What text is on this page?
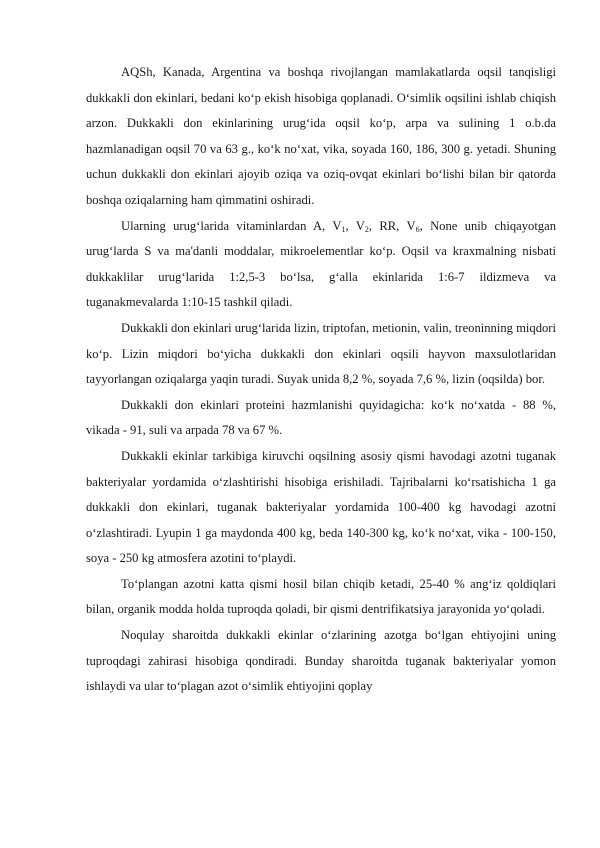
AQSh, Kanada, Argentina va boshqa rivojlangan mamlakatlarda oqsil tanqisligi dukkakli don ekinlari, bedani ko‘p ekish hisobiga qoplanadi. O‘simlik oqsilini ishlab chiqish arzon. Dukkakli don ekinlarining urug‘ida oqsil ko‘p, arpa va sulining 1 o.b.da hazmlanadigan oqsil 70 va 63 g., ko‘k no‘xat, vika, soyada 160, 186, 300 g. yetadi. Shuning uchun dukkakli don ekinlari ajoyib oziqa va oziq-ovqat ekinlari bo‘lishi bilan bir qatorda boshqa oziqalarning ham qimmatini oshiradi.

Ularning urug‘larida vitaminlardan A, $V_1$, $V_2$, RR, $V_6$, None unib chiqayotgan urug‘larda S va ma'danli moddalar, mikroelementlar ko‘p. Oqsil va kraxmalning nisbati dukkaklilar urug‘larida 1:2,5-3 bo‘lsa, g‘alla ekinlarida 1:6-7 ildizmeva va tuganakmevalarda 1:10-15 tashkil qiladi.

Dukkakli don ekinlari urug‘larida lizin, triptofan, metionin, valin, treoninning miqdori ko‘p. Lizin miqdori bo‘yicha dukkakli don ekinlari oqsili hayvon maxsulotlaridan tayyorlangan oziqalarga yaqin turadi. Suyak unida 8,2 %, soyada 7,6 %, lizin (oqsilda) bor.

Dukkakli don ekinlari proteini hazmlanishi quyidagicha: ko‘k no‘xatda - 88 %, vikada - 91, suli va arpada 78 va 67 %.

Dukkakli ekinlar tarkibiga kiruvchi oqsilning asosiy qismi havodagi azotni tuganak bakteriyalar yordamida o‘zlashtirishi hisobiga erishiladi. Tajribalarni ko‘rsatishicha 1 ga dukkakli don ekinlari, tuganak bakteriyalar yordamida 100-400 kg havodagi azotni o‘zlashtiradi. Lyupin 1 ga maydonda 400 kg, beda 140-300 kg, ko‘k no‘xat, vika - 100-150, soya - 250 kg atmosfera azotini to‘playdi.

To‘plangan azotni katta qismi hosil bilan chiqib ketadi, 25-40 % ang‘iz qoldiqlari bilan, organik modda holda tuproqda qoladi, bir qismi dentrifikatsiya jarayonida yo‘qoladi.

Noqulay sharoitda dukkakli ekinlar o‘zlarining azotga bo‘lgan ehtiyojini uning tuproqdagi zahirasi hisobiga qondiradi. Bunday sharoitda tuganak bakteriyalar yomon ishlaydi va ular to‘plagan azot o‘simlik ehtiyojini qoplay
